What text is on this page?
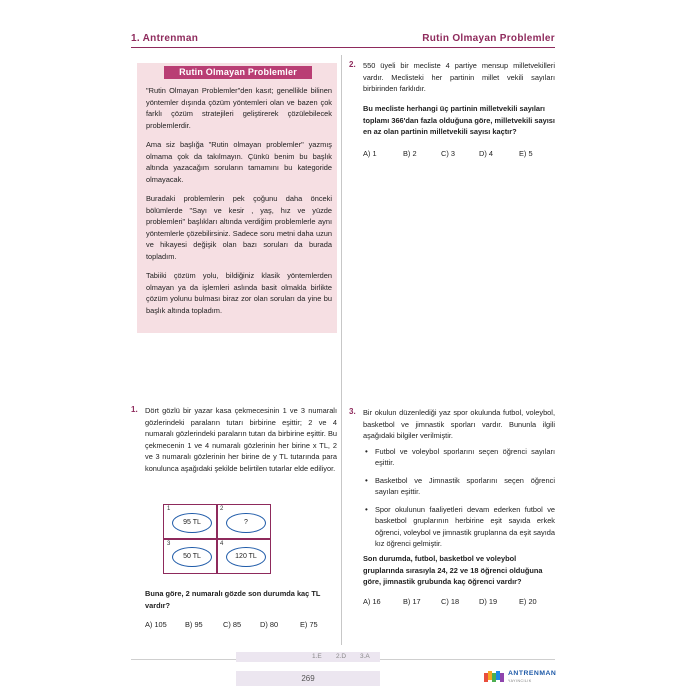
1. Antrenman	Rutin Olmayan Problemler
Rutin Olmayan Problemler

"Rutin Olmayan Problemler"den kasıt; genellikle bilinen yöntemler dışında çözüm yöntemleri olan ve bazen çok farklı çözüm stratejileri geliştirerek çözülebilecek problemlerdir.

Ama siz başlığa "Rutin olmayan problemler" yazmış olmama çok da takılmayın. Çünkü benim bu başlık altında yazacağım soruların tamamını bu kategoride olmayacak.

Buradaki problemlerin pek çoğunu daha önceki bölümlerde "Sayı ve kesir , yaş, hız ve yüzde problemleri" başlıkları altında verdiğim problemlerle aynı yöntemlerle çözebilirsiniz. Sadece soru metni daha uzun ve hikayesi değişik olan bazı soruları da burada topladım.

Tabiiki çözüm yolu, bildiğiniz klasik yöntemlerden olmayan ya da işlemleri aslında basit olmakla birlikte çözüm yolunu bulması biraz zor olan soruları da yine bu başlık altında topladım.

1. Dört gözlü bir yazar kasa çekmecesinin 1 ve 3 numaralı gözlerindeki paraların tutarı birbirine eşittir; 2 ve 4 numaralı gözlerindeki paraların tutarı da birbirine eşittir. Bu çekmecenin 1 ve 4 numaralı gözlerinin her birine x TL, 2 ve 3 numaralı gözlerinin her birine de y TL tutarında para konulunca aşağıdaki şekilde belirtilen tutarlar elde ediliyor.
1	2
3	4
95 TL	?
50 TL	120 TL
Buna göre, 2 numaralı gözde son durumda kaç TL vardır?
A) 105 B) 95	C) 85	D) 80	E) 75
2. 550 üyeli bir mecliste 4 partiye mensup milletvekilleri vardır. Meclisteki her partinin millet vekili sayıları birbirinden farklıdır.
Bu mecliste herhangi üç partinin milletvekili sayıları toplamı 366'dan fazla olduğuna göre, milletvekili sayısı en az olan partinin milletvekili sayısı kaçtır?
A) 1	B) 2	C) 3	D) 4	E) 5
3. Bir okulun düzenlediği yaz spor okulunda futbol, voleybol, basketbol ve jimnastik sporları vardır. Bununla ilgili aşağıdaki bilgiler verilmiştir.
• Futbol ve voleybol sporlarını seçen öğrenci sayıları eşittir.
• Basketbol ve Jimnastik sporlarını seçen öğrenci sayıları eşittir.
• Spor okulunun faaliyetleri devam ederken futbol ve basketbol gruplarının herbirine eşit sayıda erkek öğrenci, voleybol ve jimnastik gruplarına da eşit sayıda kız öğrenci gelmiştir.
Son durumda, futbol, basketbol ve voleybol gruplarında sırasıyla 24, 22 ve 18 öğrenci olduğuna göre, jimnastik grubunda kaç öğrenci vardır?
A) 16	B) 17	C) 18	D) 19	E) 20
1.E 2.D 3.A
269
ANTRENMAN
YAYINCILIK
